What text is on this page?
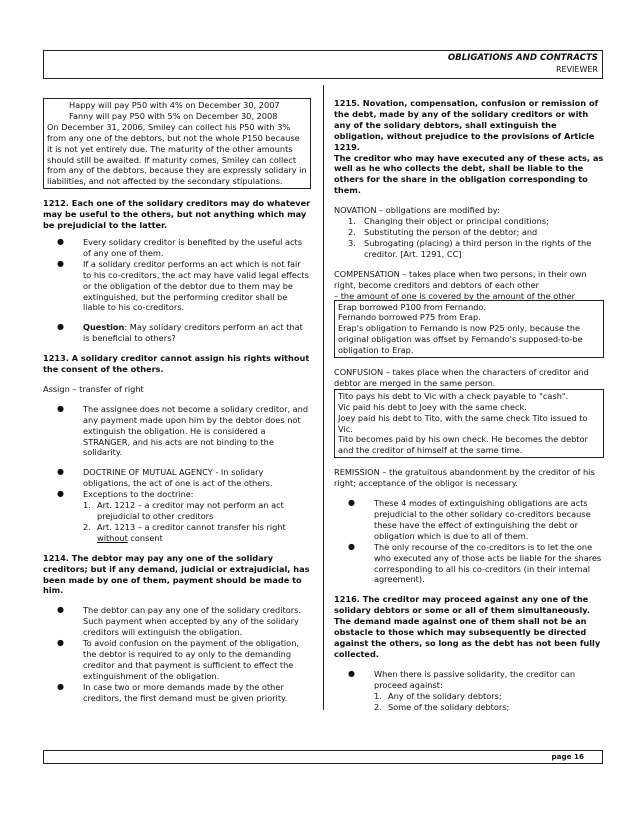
OBLIGATIONS AND CONTRACTS
REVIEWER

Happy will pay P50 with 4% on December 30, 2007

Fanny will pay P50 with 5% on December 30, 2008

On December 31, 2006, Smiley can collect his P50 with 3% from any one of the debtors, but not the whole P150 because it is not yet entirely due. The maturity of the other amounts should still be awaited. If maturity comes, Smiley can collect from any of the debtors, because they are expressly solidary in liabilities, and not affected by the secondary stipulations.

1212. Each one of the solidary creditors may do whatever may be useful to the others, but not anything which may be prejudicial to the latter.

● Every solidary creditor is benefited by the useful acts of any one of them.
● If a solidary creditor performs an act which is not fair to his co-creditors, the act may have valid legal effects or the obligation of the debtor due to them may be extinguished, but the performing creditor shall be liable to his co-creditors.
● Question: May solidary creditors perform an act that is beneficial to others?

1213. A solidary creditor cannot assign his rights without the consent of the others.

Assign – transfer of right

● The assignee does not become a solidary creditor, and any payment made upon him by the debtor does not extinguish the obligation. He is considered a STRANGER, and his acts are not binding to the solidarity.
● DOCTRINE OF MUTUAL AGENCY - In solidary obligations, the act of one is act of the others.
● Exceptions to the doctrine:
1. Art. 1212 – a creditor may not perform an act prejudicial to other creditors
2. Art. 1213 – a creditor cannot transfer his right without consent

1214. The debtor may pay any one of the solidary creditors; but if any demand, judicial or extrajudicial, has been made by one of them, payment should be made to him.

● The debtor can pay any one of the solidary creditors. Such payment when accepted by any of the solidary creditors will extinguish the obligation.
● To avoid confusion on the payment of the obligation, the debtor is required to ay only to the demanding creditor and that payment is sufficient to effect the extinguishment of the obligation.
● In case two or more demands made by the other creditors, the first demand must be given priority.

1215. Novation, compensation, confusion or remission of the debt, made by any of the solidary creditors or with any of the solidary debtors, shall extinguish the obligation, without prejudice to the provisions of Article 1219.

The creditor who may have executed any of these acts, as well as he who collects the debt, shall be liable to the others for the share in the obligation corresponding to them.

NOVATION – obligations are modified by:

1. Changing their object or principal conditions;
2. Substituting the person of the debtor; and
3. Subrogating (placing) a third person in the rights of the creditor. [Art. 1291, CC]

COMPENSATION – takes place when two persons, in their own right, become creditors and debtors of each other

– the amount of one is covered by the amount of the other

Erap borrowed P100 from Fernando.

Fernando borrowed P75 from Erap.

Erap's obligation to Fernando is now P25 only, because the original obligation was offset by Fernando's supposed-to-be obligation to Erap.

CONFUSION – takes place when the characters of creditor and debtor are merged in the same person.

Tito pays his debt to Vic with a check payable to "cash".

Vic paid his debt to Joey with the same check.

Joey paid his debt to Tito, with the same check Tito issued to Vic.

Tito becomes paid by his own check. He becomes the debtor and the creditor of himself at the same time.

REMISSION – the gratuitous abandonment by the creditor of his right; acceptance of the obligor is necessary.

● These 4 modes of extinguishing obligations are acts prejudicial to the other solidary co-creditors because these have the effect of extinguishing the debt or obligation which is due to all of them.
● The only recourse of the co-creditors is to let the one who executed any of those acts be liable for the shares corresponding to all his co-creditors (in their internal agreement).

1216. The creditor may proceed against any one of the solidary debtors or some or all of them simultaneously. The demand made against one of them shall not be an obstacle to those which may subsequently be directed against the others, so long as the debt has not been fully collected.

● When there is passive solidarity, the creditor can proceed against:
1. Any of the solidary debtors;
2. Some of the solidary debtors;
page 16
